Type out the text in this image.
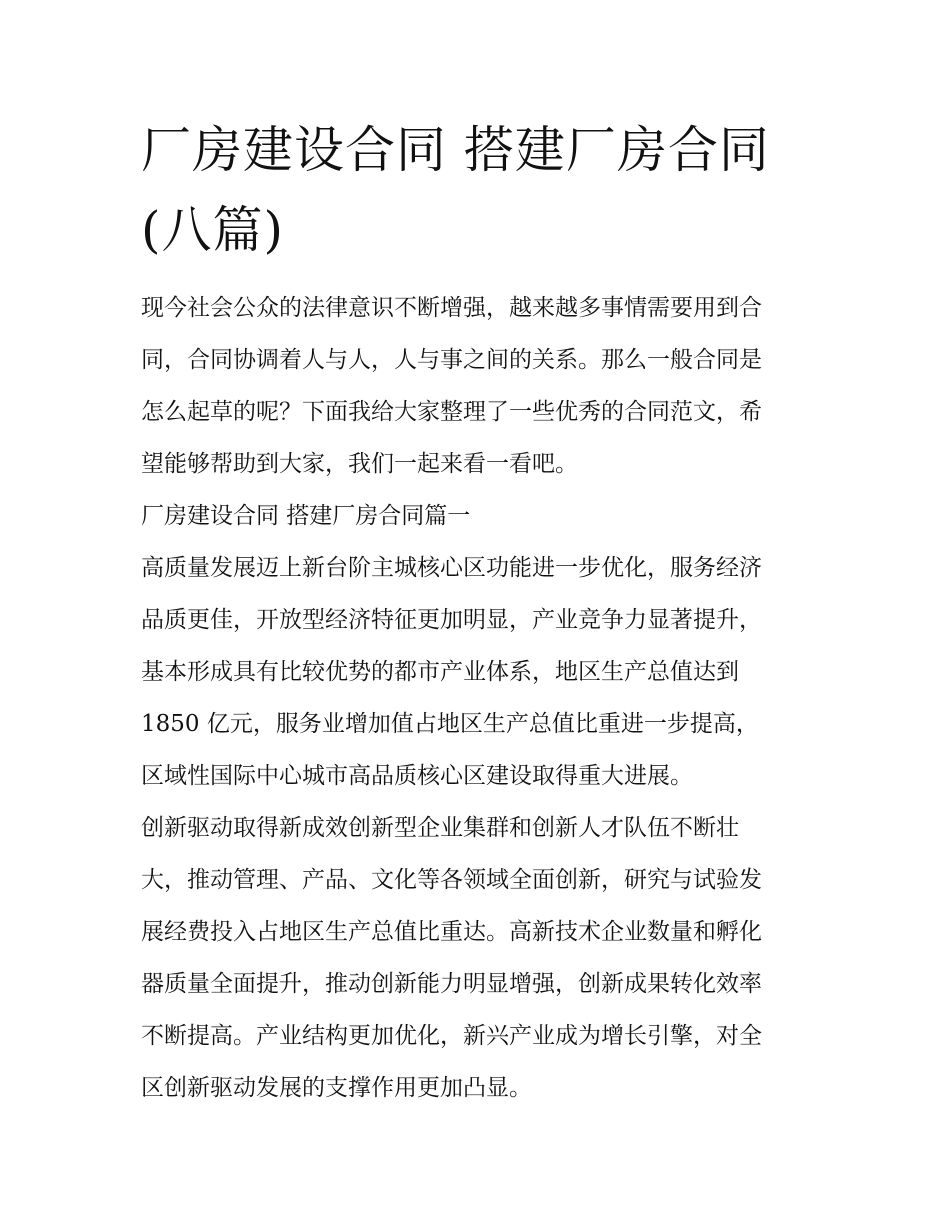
厂房建设合同 搭建厂房合同
(八篇)

现今社会公众的法律意识不断增强，越来越多事情需要用到合
同，合同协调着人与人，人与事之间的关系。那么一般合同是
怎么起草的呢？下面我给大家整理了一些优秀的合同范文，希
望能够帮助到大家，我们一起来看一看吧。

厂房建设合同 搭建厂房合同篇一

高质量发展迈上新台阶主城核心区功能进一步优化，服务经济
品质更佳，开放型经济特征更加明显，产业竞争力显著提升，
基本形成具有比较优势的都市产业体系，地区生产总值达到
1850 亿元，服务业增加值占地区生产总值比重进一步提高，
区域性国际中心城市高品质核心区建设取得重大进展。

创新驱动取得新成效创新型企业集群和创新人才队伍不断壮
大，推动管理、产品、文化等各领域全面创新，研究与试验发
展经费投入占地区生产总值比重达。高新技术企业数量和孵化
器质量全面提升，推动创新能力明显增强，创新成果转化效率
不断提高。产业结构更加优化，新兴产业成为增长引擎，对全
区创新驱动发展的支撑作用更加凸显。
